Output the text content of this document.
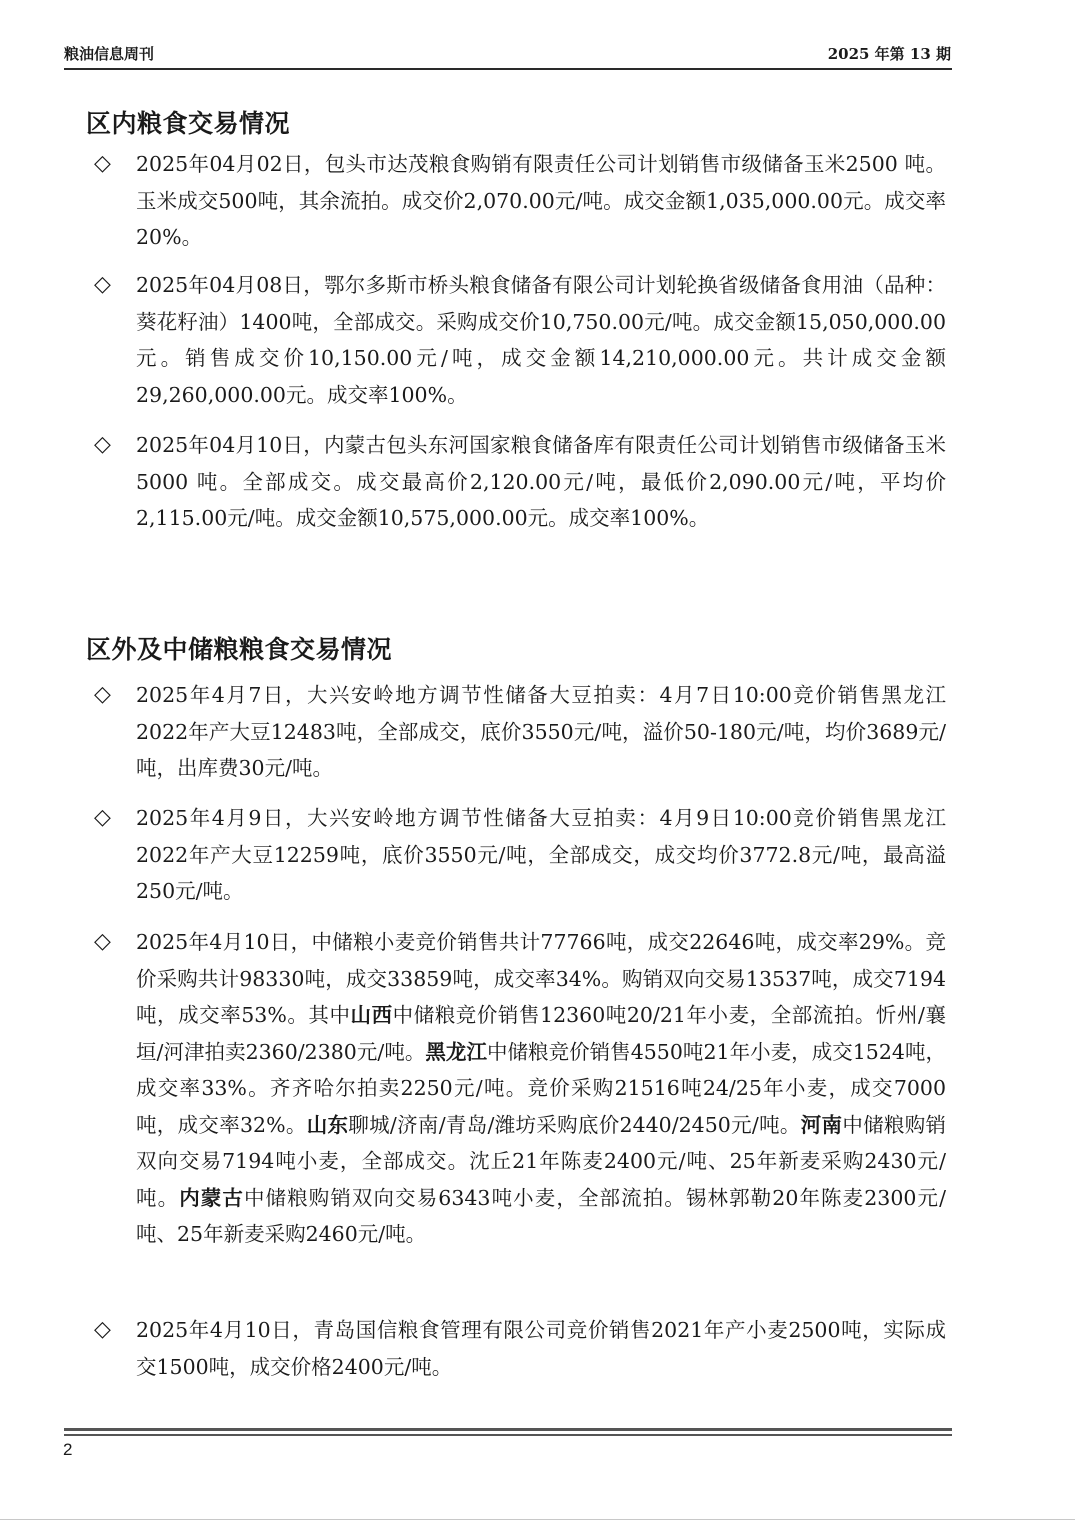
粮油信息周刊	2025 年第 13 期
区内粮食交易情况
◇ 2025年04月02日，包头市达茂粮食购销有限责任公司计划销售市级储备玉米2500 吨。玉米成交500吨，其余流拍。成交价2,070.00元/吨。成交金额1,035,000.00元。成交率20%。

◇ 2025年04月08日，鄂尔多斯市桥头粮食储备有限公司计划轮换省级储备食用油（品种：葵花籽油）1400吨，全部成交。采购成交价10,750.00元/吨。成交金额15,050,000.00元。销售成交价10,150.00元/吨，成交金额14,210,000.00元。共计成交金额29,260,000.00元。成交率100%。

◇ 2025年04月10日，内蒙古包头东河国家粮食储备库有限责任公司计划销售市级储备玉米5000 吨。全部成交。成交最高价2,120.00元/吨，最低价2,090.00元/吨，平均价2,115.00元/吨。成交金额10,575,000.00元。成交率100%。

区外及中储粮粮食交易情况
◇ 2025年4月7日，大兴安岭地方调节性储备大豆拍卖：4月7日10:00竞价销售黑龙江2022年产大豆12483吨，全部成交，底价3550元/吨，溢价50-180元/吨，均价3689元/吨，出库费30元/吨。

◇ 2025年4月9日，大兴安岭地方调节性储备大豆拍卖：4月9日10:00竞价销售黑龙江2022年产大豆12259吨，底价3550元/吨，全部成交，成交均价3772.8元/吨，最高溢250元/吨。

◇ 2025年4月10日，中储粮小麦竞价销售共计77766吨，成交22646吨，成交率29%。竞价采购共计98330吨，成交33859吨，成交率34%。购销双向交易13537吨，成交7194吨，成交率53%。其中山西中储粮竞价销售12360吨20/21年小麦，全部流拍。忻州/襄垣/河津拍卖2360/2380元/吨。黑龙江中储粮竞价销售4550吨21年小麦，成交1524吨，成交率33%。齐齐哈尔拍卖2250元/吨。竞价采购21516吨24/25年小麦，成交7000吨，成交率32%。山东聊城/济南/青岛/潍坊采购底价2440/2450元/吨。河南中储粮购销双向交易7194吨小麦，全部成交。沈丘21年陈麦2400元/吨、25年新麦采购2430元/吨。内蒙古中储粮购销双向交易6343吨小麦，全部流拍。锡林郭勒20年陈麦2300元/吨、25年新麦采购2460元/吨。

◇ 2025年4月10日，青岛国信粮食管理有限公司竞价销售2021年产小麦2500吨，实际成交1500吨，成交价格2400元/吨。

2
